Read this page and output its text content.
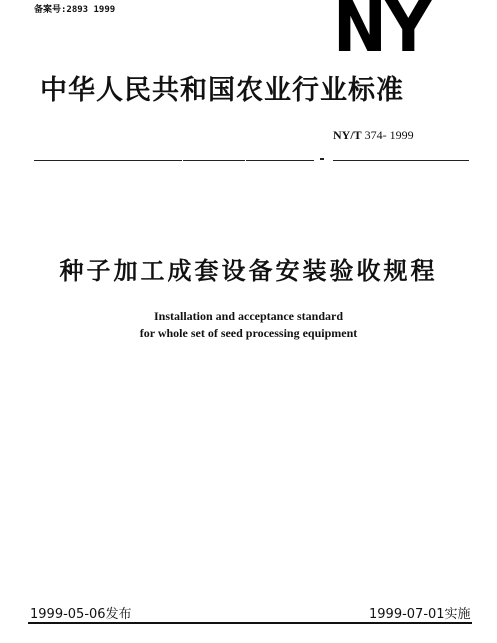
备案号:2893 1999	NY
中华人民共和国农业行业标准
NY/T 374- 1999
种子加工成套设备安装验收规程
Installation and acceptance standard
for whole set of seed processing equipment
1999-05-06发布	1999-07-01实施
